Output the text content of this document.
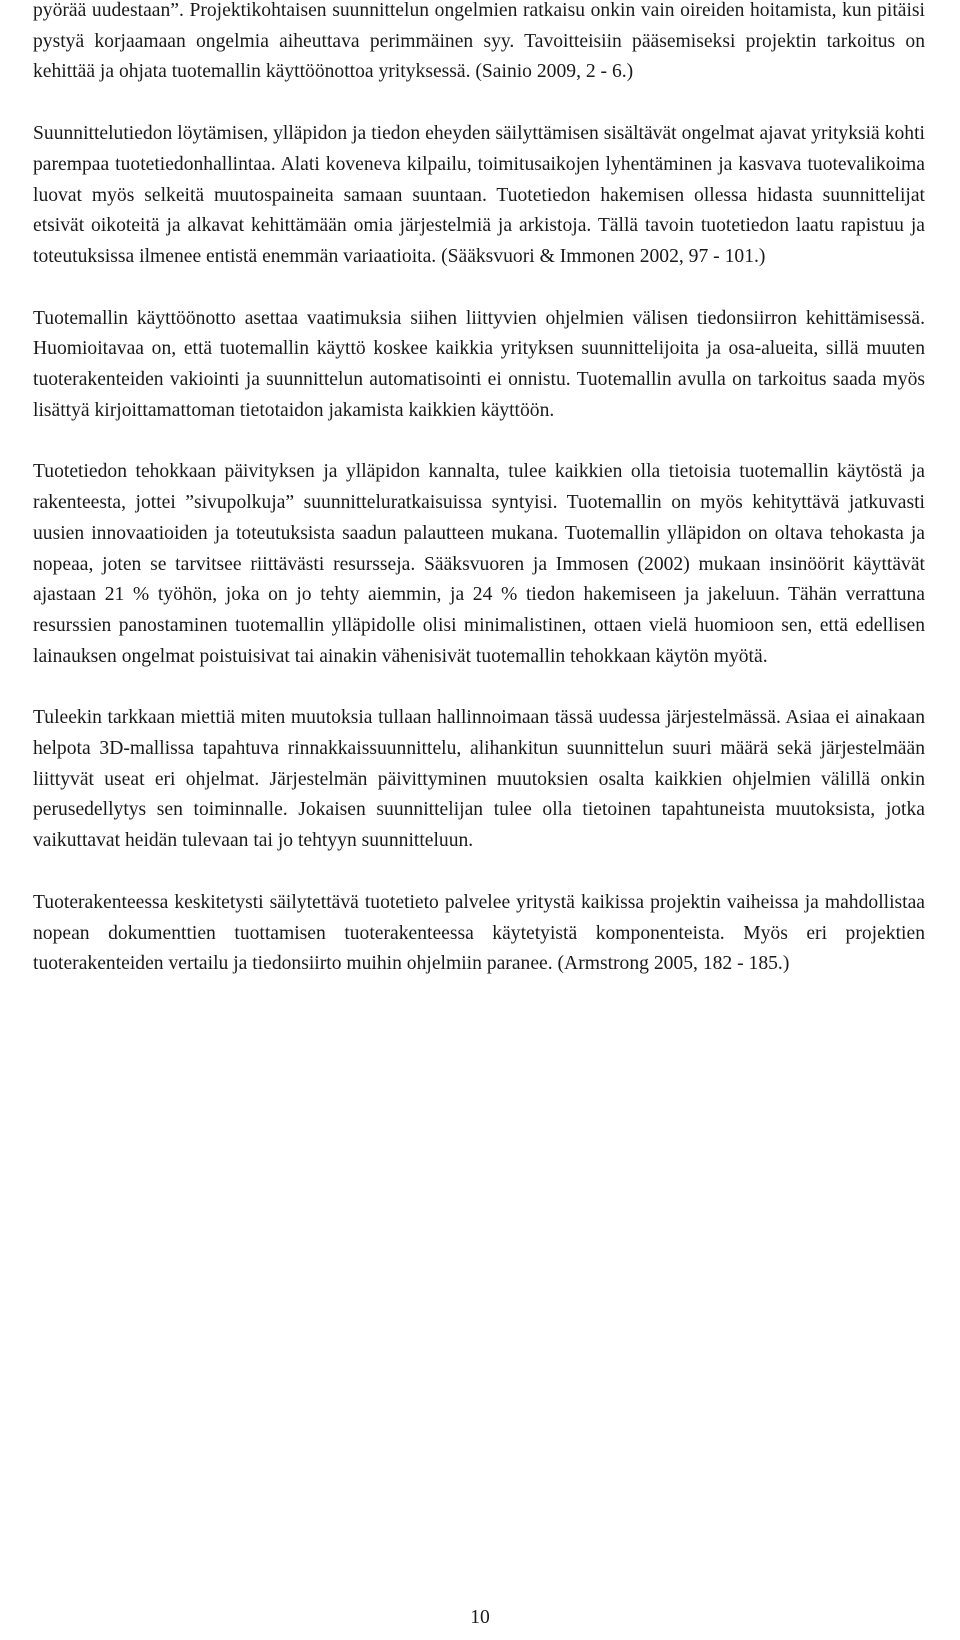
pyörää uudestaan”. Projektikohtaisen suunnittelun ongelmien ratkaisu onkin vain oireiden hoitamista, kun pitäisi pystyä korjaamaan ongelmia aiheuttava perimmäinen syy. Tavoitteisiin pääsemiseksi projektin tarkoitus on kehittää ja ohjata tuotemallin käyttöönottoa yrityksessä. (Sainio 2009, 2 - 6.)

Suunnittelutiedon löytämisen, ylläpidon ja tiedon eheyden säilyttämisen sisältävät ongelmat ajavat yrityksiä kohti parempaa tuotetiedonhallintaa. Alati koveneva kilpailu, toimitusaikojen lyhentäminen ja kasvava tuotevalikoima luovat myös selkeitä muutospaineita samaan suuntaan. Tuotetiedon hakemisen ollessa hidasta suunnittelijat etsivät oikoteitä ja alkavat kehittämään omia järjestelmiä ja arkistoja. Tällä tavoin tuotetiedon laatu rapistuu ja toteutuksissa ilmenee entistä enemmän variaatioita. (Sääksvuori & Immonen 2002, 97 - 101.)

Tuotemallin käyttöönotto asettaa vaatimuksia siihen liittyvien ohjelmien välisen tiedonsiirron kehittämisessä. Huomioitavaa on, että tuotemallin käyttö koskee kaikkia yrityksen suunnittelijoita ja osa-alueita, sillä muuten tuoterakenteiden vakiointi ja suunnittelun automatisointi ei onnistu. Tuotemallin avulla on tarkoitus saada myös lisättyä kirjoittamattoman tietotaidon jakamista kaikkien käyttöön.

Tuotetiedon tehokkaan päivityksen ja ylläpidon kannalta, tulee kaikkien olla tietoisia tuotemallin käytöstä ja rakenteesta, jottei ”sivupolkuja” suunnitteluratkaisuissa syntyisi. Tuotemallin on myös kehityttävä jatkuvasti uusien innovaatioiden ja toteutuksista saadun palautteen mukana. Tuotemallin ylläpidon on oltava tehokasta ja nopeaa, joten se tarvitsee riittävästi resursseja. Sääksvuoren ja Immosen (2002) mukaan insinöörit käyttävät ajastaan 21 % työhön, joka on jo tehty aiemmin, ja 24 % tiedon hakemiseen ja jakeluun. Tähän verrattuna resurssien panostaminen tuotemallin ylläpidolle olisi minimalistinen, ottaen vielä huomioon sen, että edellisen lainauksen ongelmat poistuisivat tai ainakin vähenisivät tuotemallin tehokkaan käytön myötä.

Tuleekin tarkkaan miettiä miten muutoksia tullaan hallinnoimaan tässä uudessa järjestelmässä. Asiaa ei ainakaan helpota 3D-mallissa tapahtuva rinnakkaissuunnittelu, alihankitun suunnittelun suuri määrä sekä järjestelmään liittyvät useat eri ohjelmat. Järjestelmän päivittyminen muutoksien osalta kaikkien ohjelmien välillä onkin perusedellytys sen toiminnalle. Jokaisen suunnittelijan tulee olla tietoinen tapahtuneista muutoksista, jotka vaikuttavat heidän tulevaan tai jo tehtyyn suunnitteluun.

Tuoterakenteessa keskitetysti säilytettävä tuotetieto palvelee yritystä kaikissa projektin vaiheissa ja mahdollistaa nopean dokumenttien tuottamisen tuoterakenteessa käytetyistä komponenteista. Myös eri projektien tuoterakenteiden vertailu ja tiedonsiirto muihin ohjelmiin paranee. (Armstrong 2005, 182 - 185.)

10
